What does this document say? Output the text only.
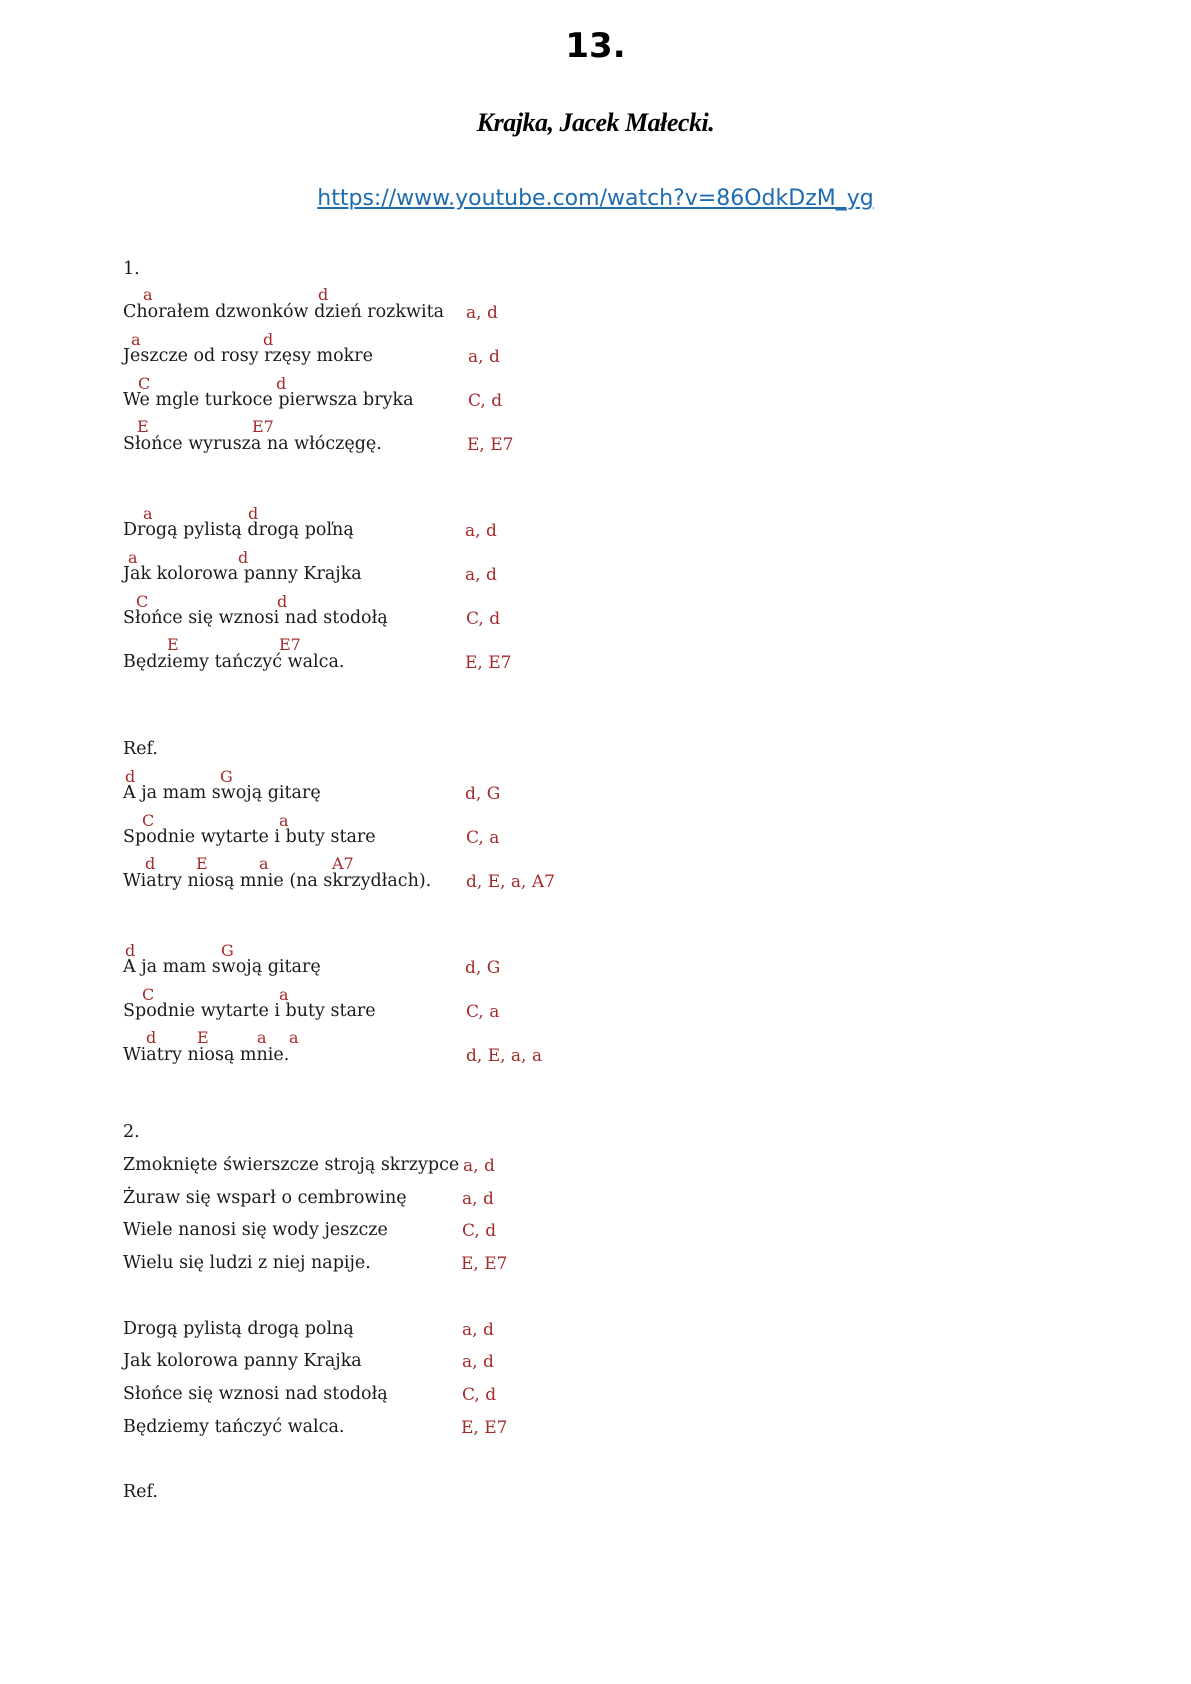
13.
Krajka, Jacek Małecki.
https://www.youtube.com/watch?v=86OdkDzM_yg
1.
a	d
Chorałem dzwonków dzień rozkwita a, d
a	d
Jeszcze od rosy rzęsy mokre	a, d
C	d
We mgle turkoce pierwsza bryka	C, d
E	E7
Słońce wyrusza na włóczęgę.	E, E7
a	d
Drogą pylistą drogą poľną	a, d
a	d
Jak kolorowa panny Krajka	a, d
C	d
Słońce się wznosi nad stodołą	C, d
E	E7
Będziemy tańczyć walca.	E, E7
Ref.
d	G
A ja mam swoją gitarę	d, G
C	a
Spodnie wytarte i buty stare	C, a
d	E	a	A7
Wiatry niosą mnie (na skrzydłach). d, E, a, A7
d	G
A ja mam swoją gitarę	d, G
C	a
Spodnie wytarte i buty stare	C, a
d	E	a a
Wiatry niosą mnie.	d, E, a, a
2.
Zmoknięte świerszcze stroją skrzypce a, d
Żuraw się wsparł o cembrowinę	a, d
Wiele nanosi się wody jeszcze	C, d
Wielu się ludzi z niej napije.	E, E7
Drogą pylistą drogą polną	a, d
Jak kolorowa panny Krajka	a, d
Słońce się wznosi nad stodołą	C, d
Będziemy tańczyć walca.	E, E7
Ref.
